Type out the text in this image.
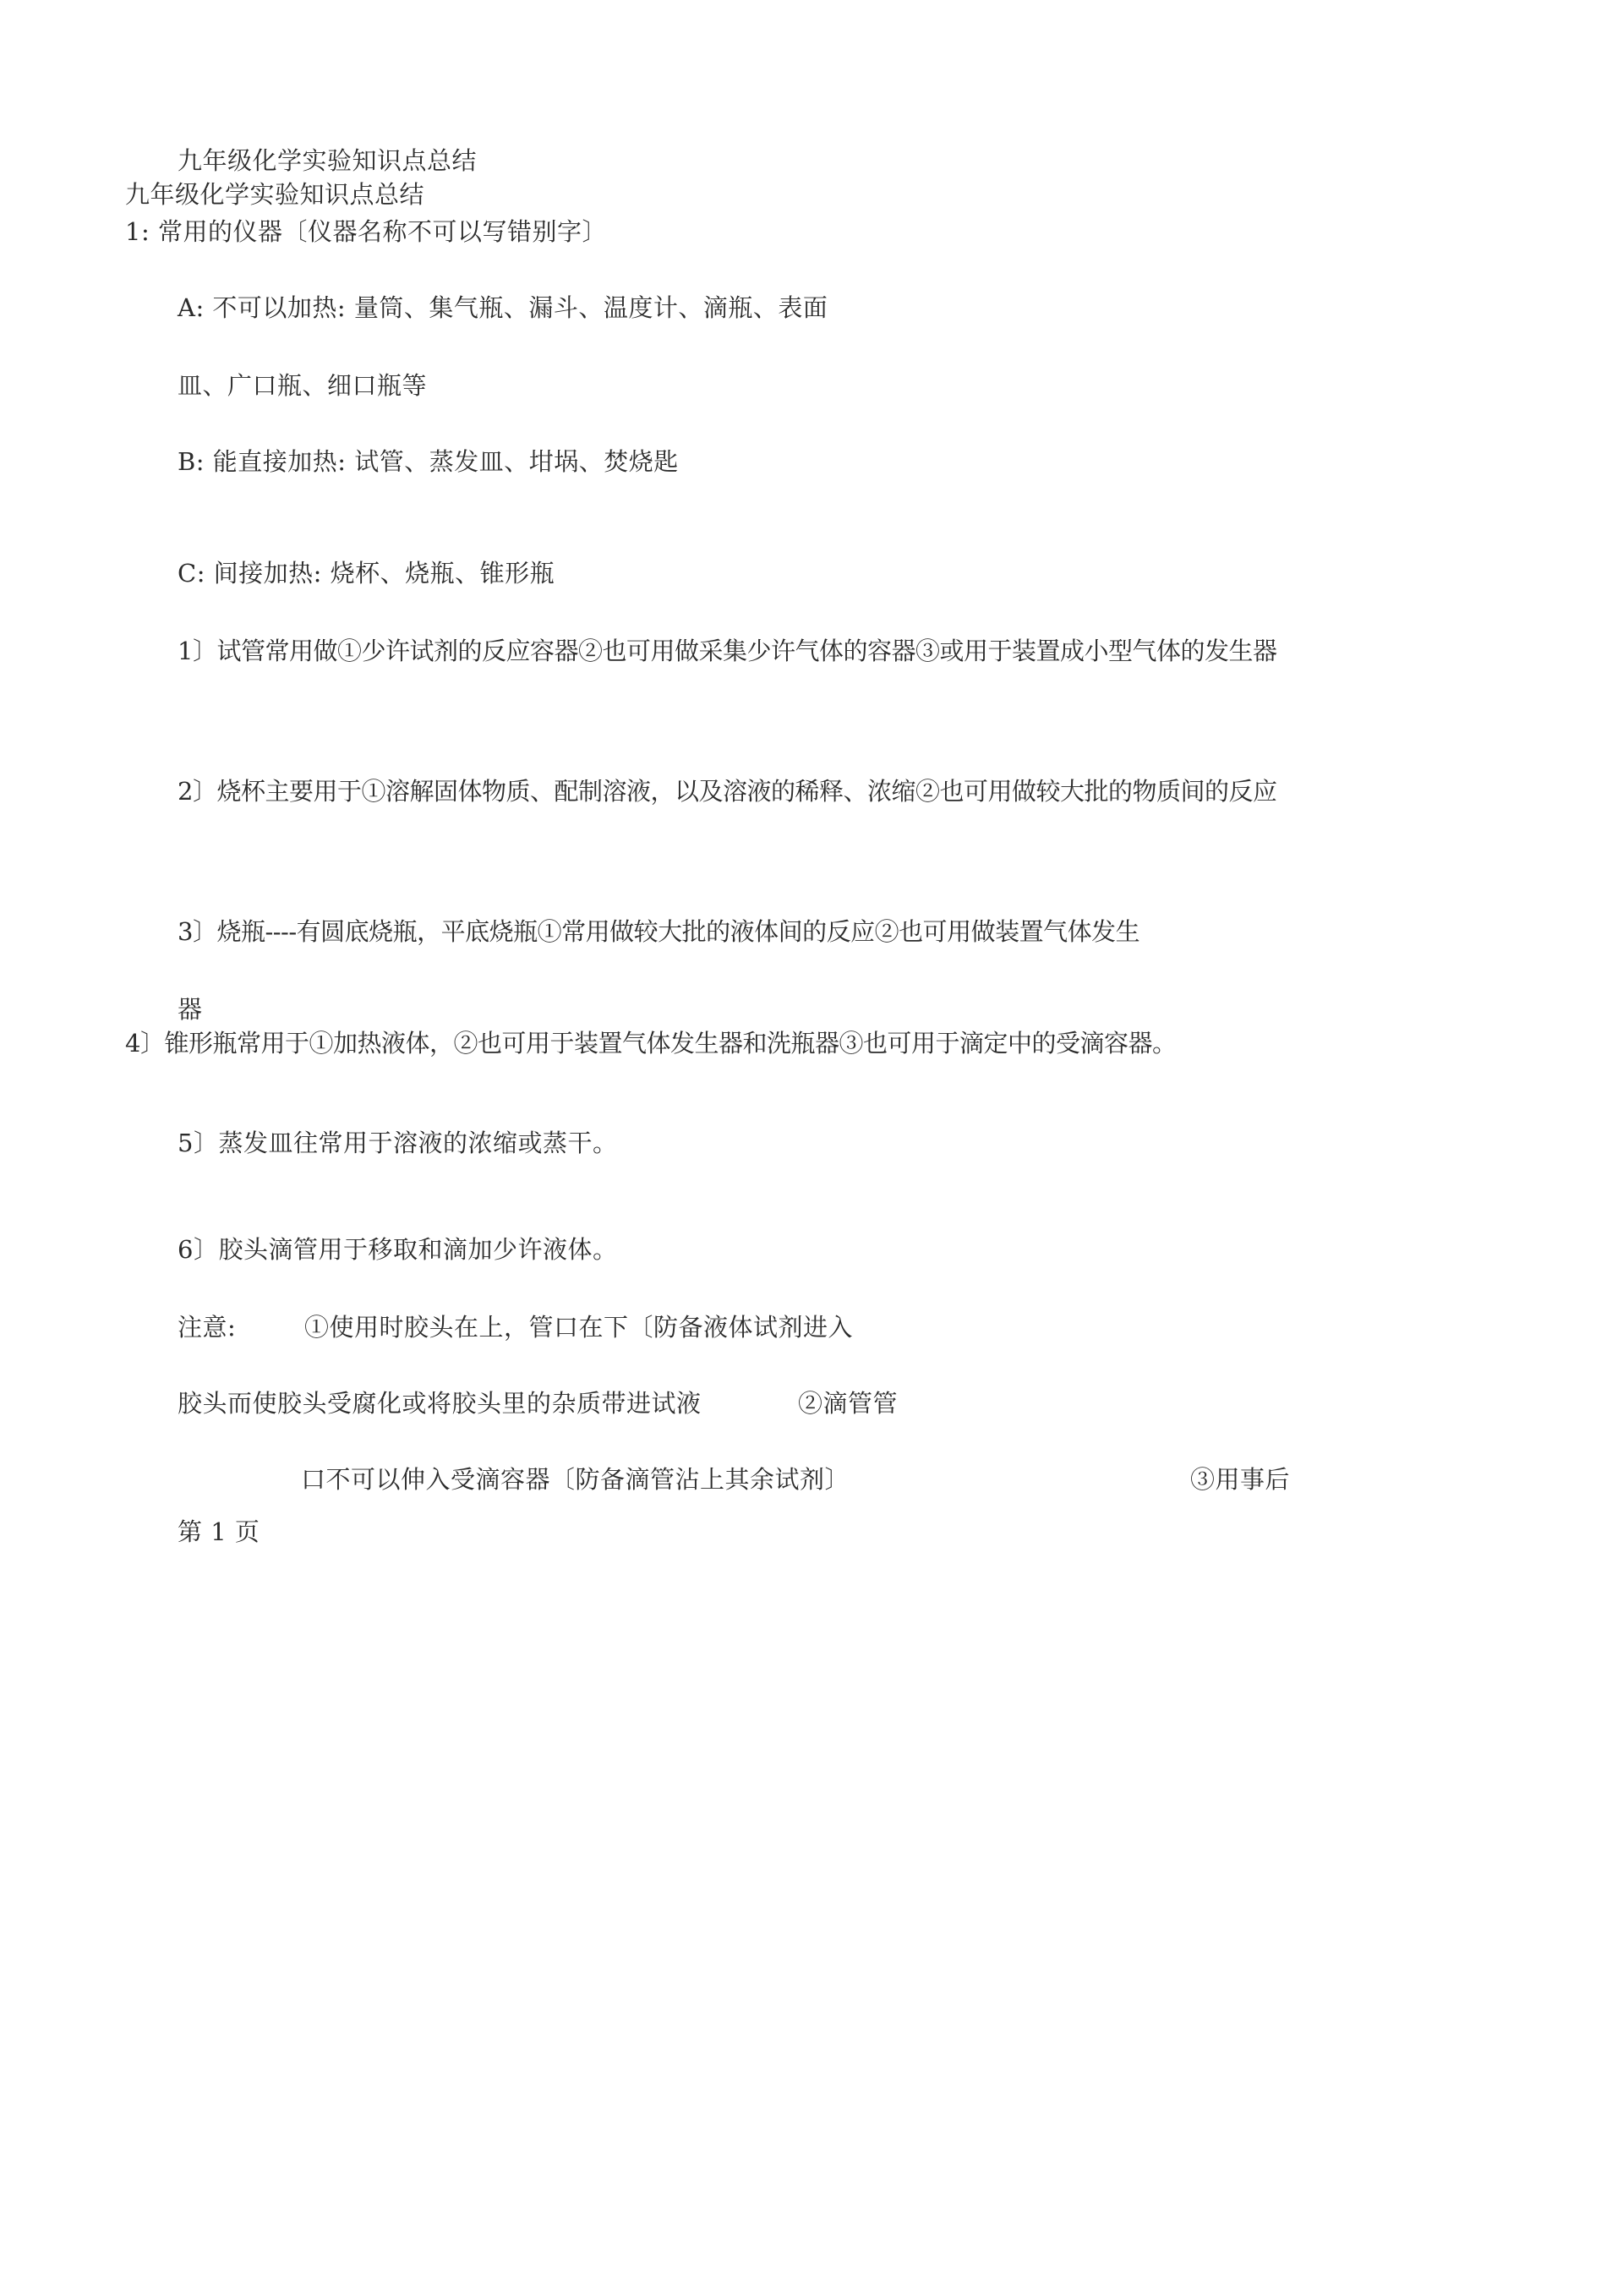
九年级化学实验知识点总结
九年级化学实验知识点总结
1: 常用的仪器〔仪器名称不可以写错别字〕
A: 不可以加热: 量筒、集气瓶、漏斗、温度计、滴瓶、表面
皿、广口瓶、细口瓶等
B: 能直接加热: 试管、蒸发皿、坩埚、焚烧匙
C: 间接加热: 烧杯、烧瓶、锥形瓶
1〕试管常用做①少许试剂的反应容器②也可用做采集少许气体的容器③或用于装置成小型气体的发生器
2〕烧杯主要用于①溶解固体物质、配制溶液，以及溶液的稀释、浓缩②也可用做较大批的物质间的反应
3〕烧瓶----有圆底烧瓶，平底烧瓶①常用做较大批的液体间的反应②也可用做装置气体发生
器
4〕锥形瓶常用于①加热液体，②也可用于装置气体发生器和洗瓶器③也可用于滴定中的受滴容器。
5〕蒸发皿往常用于溶液的浓缩或蒸干。
6〕胶头滴管用于移取和滴加少许液体。
注意:	①使用时胶头在上，管口在下〔防备液体试剂进入
胶头而使胶头受腐化或将胶头里的杂质带进试液	②滴管管
口不可以伸入受滴容器〔防备滴管沾上其余试剂〕	③用事后
第 1 页
